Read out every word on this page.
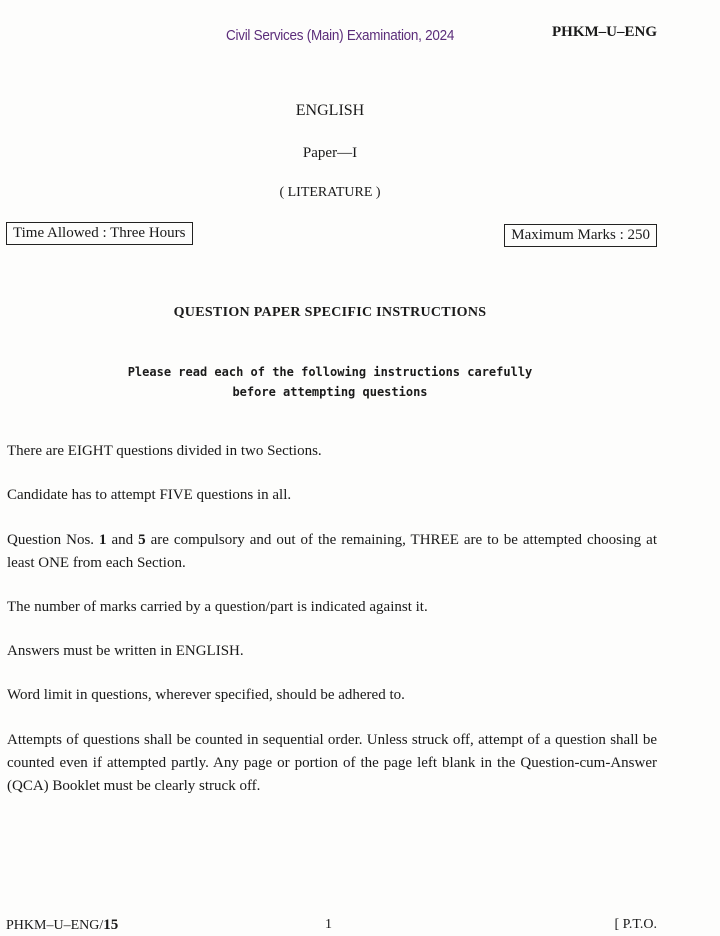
Civil Services (Main) Examination, 2024	PHKM–U–ENG
ENGLISH
Paper—I
( LITERATURE )
Time Allowed : Three Hours	Maximum Marks : 250
QUESTION PAPER SPECIFIC INSTRUCTIONS
Please read each of the following instructions carefully
before attempting questions
There are EIGHT questions divided in two Sections.
Candidate has to attempt FIVE questions in all.
Question Nos. 1 and 5 are compulsory and out of the remaining, THREE are to be attempted choosing at least ONE from each Section.
The number of marks carried by a question/part is indicated against it.
Answers must be written in ENGLISH.
Word limit in questions, wherever specified, should be adhered to.
Attempts of questions shall be counted in sequential order. Unless struck off, attempt of a question shall be counted even if attempted partly. Any page or portion of the page left blank in the Question-cum-Answer (QCA) Booklet must be clearly struck off.
PHKM–U–ENG/15	1	[ P.T.O.
